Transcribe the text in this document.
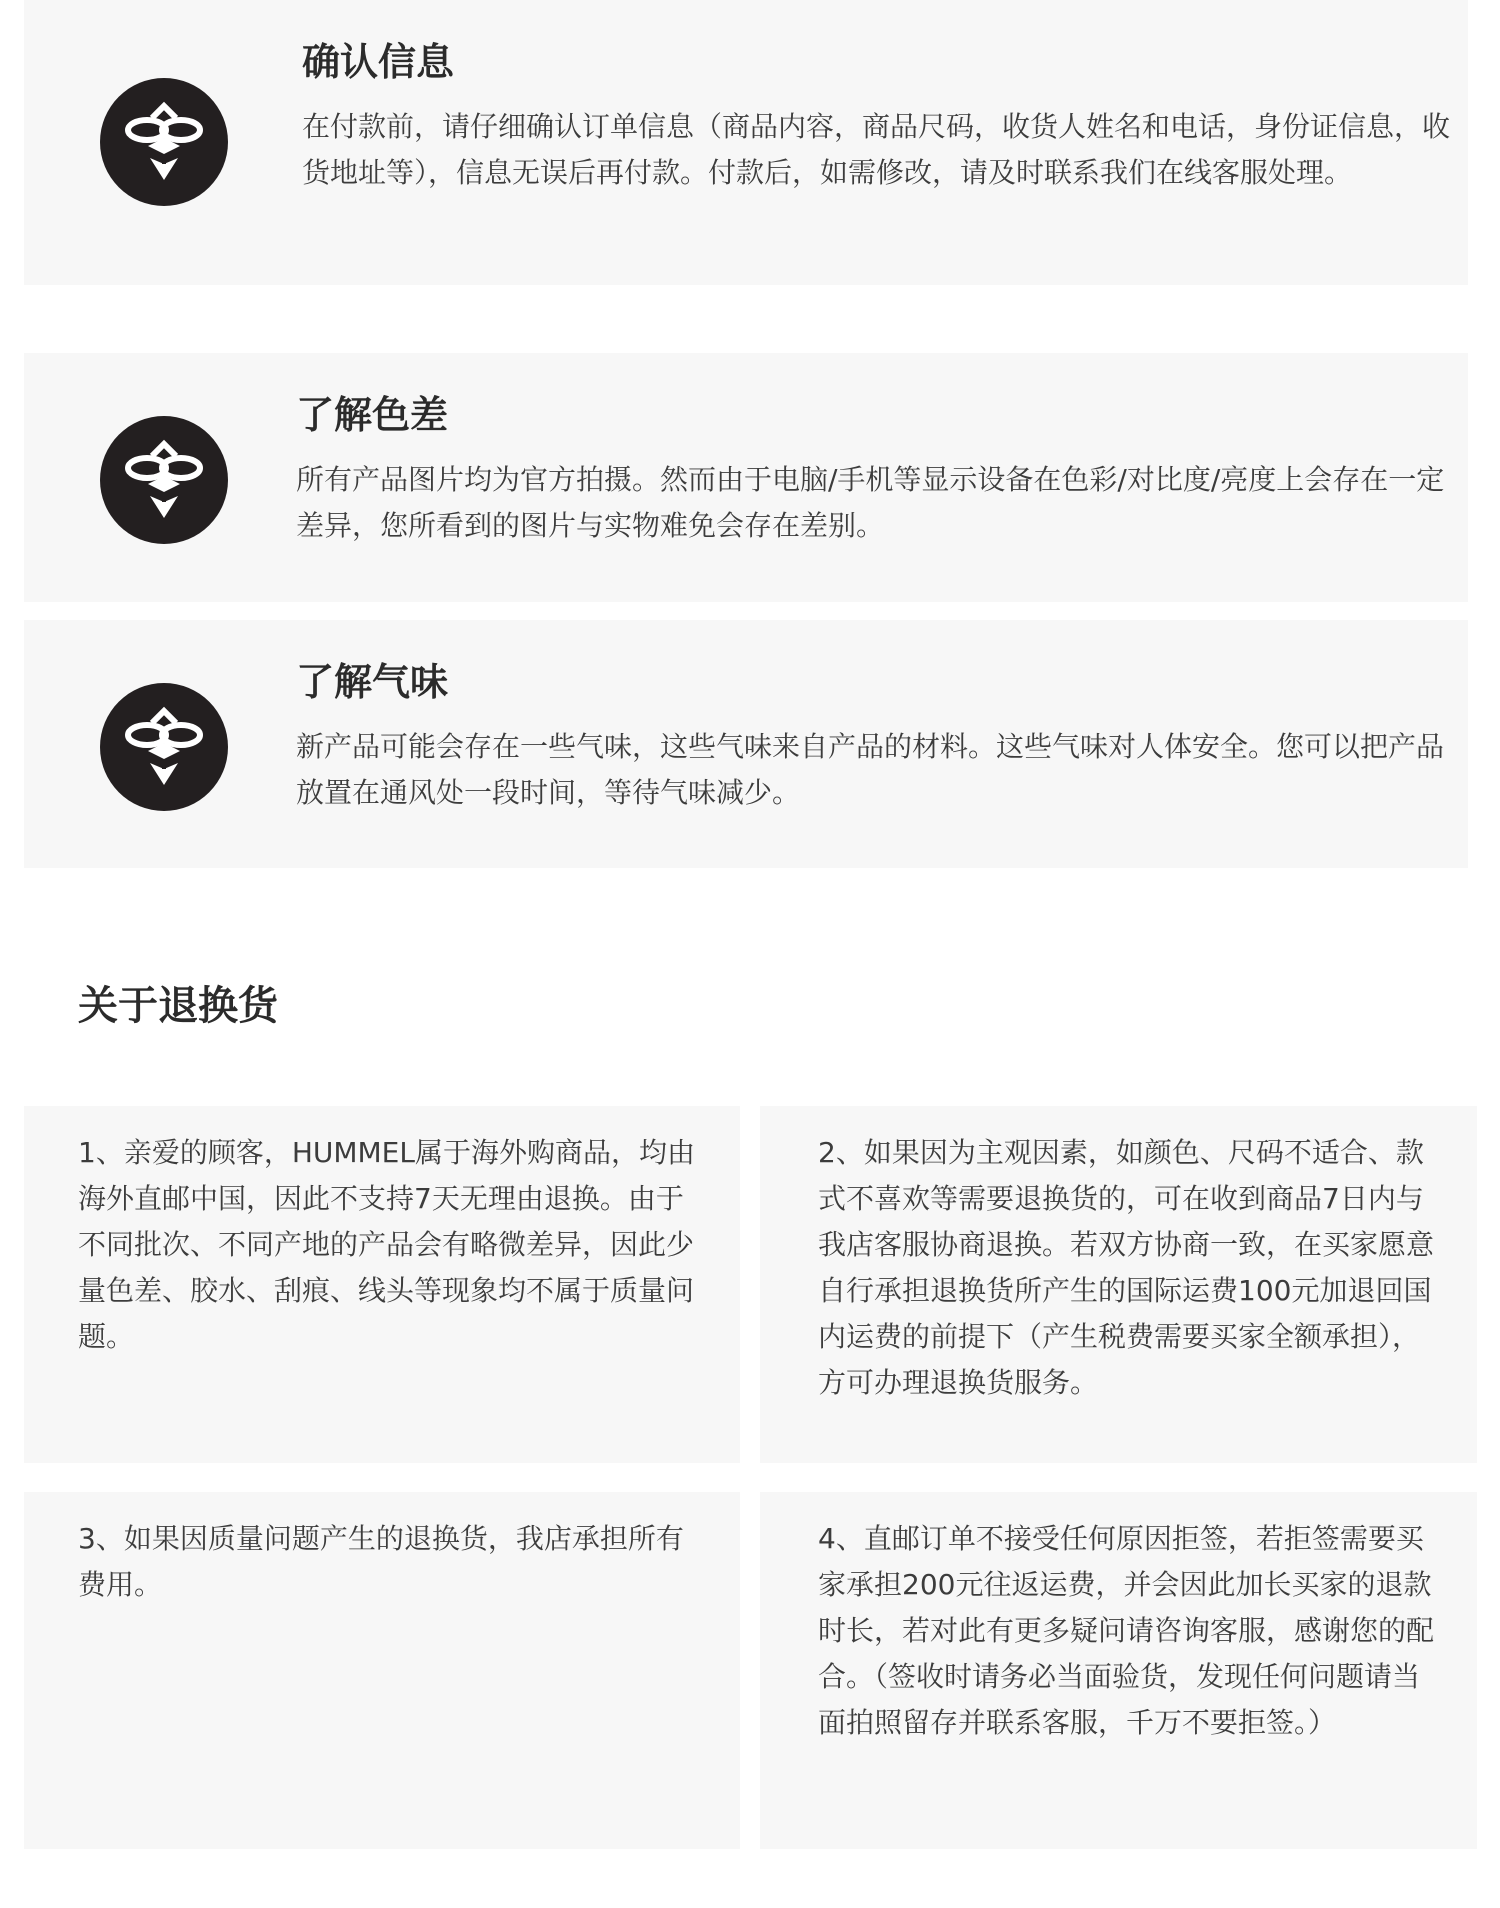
确认信息

在付款前，请仔细确认订单信息（商品内容，商品尺码，收货人姓名和电话，身份证信息，收货地址等），信息无误后再付款。付款后，如需修改，请及时联系我们在线客服处理。

了解色差

所有产品图片均为官方拍摄。然而由于电脑/手机等显示设备在色彩/对比度/亮度上会存在一定差异，您所看到的图片与实物难免会存在差别。

了解气味

新产品可能会存在一些气味，这些气味来自产品的材料。这些气味对人体安全。您可以把产品放置在通风处一段时间，等待气味减少。

关于退换货

1、亲爱的顾客，HUMMEL属于海外购商品，均由海外直邮中国，因此不支持7天无理由退换。由于不同批次、不同产地的产品会有略微差异，因此少量色差、胶水、刮痕、线头等现象均不属于质量问题。

2、如果因为主观因素，如颜色、尺码不适合、款式不喜欢等需要退换货的，可在收到商品7日内与我店客服协商退换。若双方协商一致，在买家愿意自行承担退换货所产生的国际运费100元加退回国内运费的前提下（产生税费需要买家全额承担），方可办理退换货服务。

3、如果因质量问题产生的退换货，我店承担所有费用。

4、直邮订单不接受任何原因拒签，若拒签需要买家承担200元往返运费，并会因此加长买家的退款时长，若对此有更多疑问请咨询客服，感谢您的配合。（签收时请务必当面验货，发现任何问题请当面拍照留存并联系客服，千万不要拒签。）
